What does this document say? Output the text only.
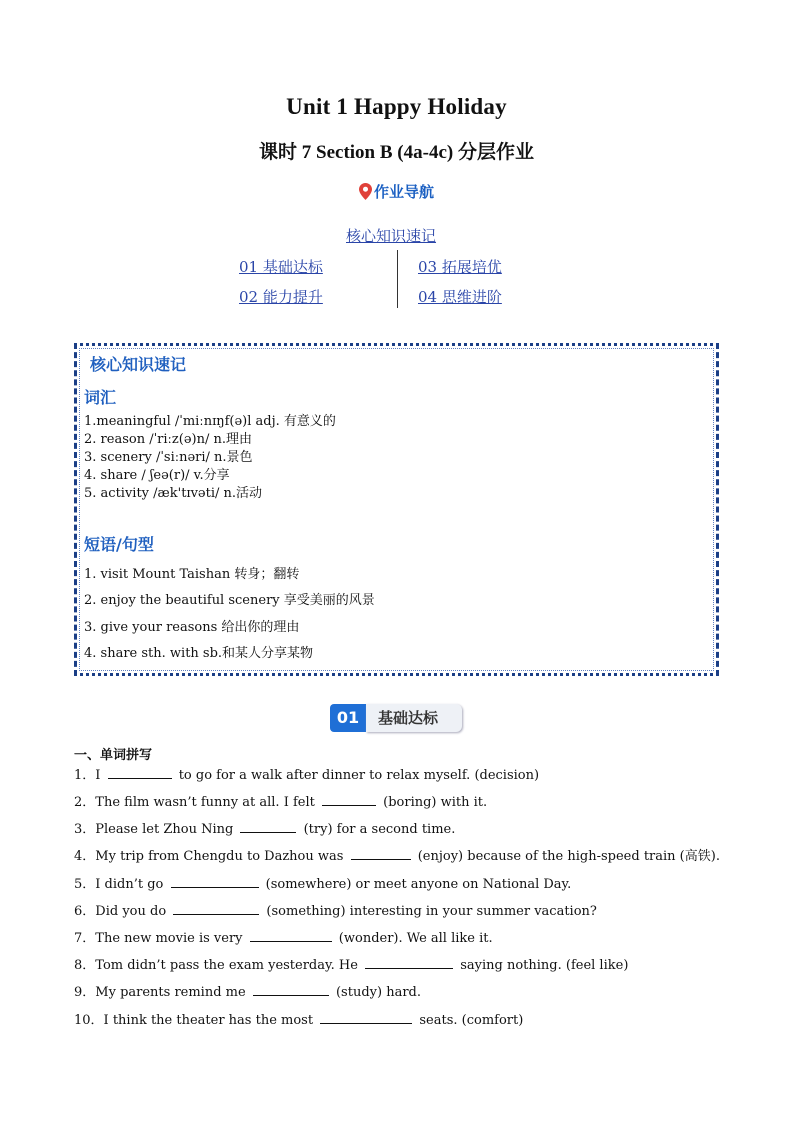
Unit 1 Happy Holiday
课时 7 Section B (4a-4c) 分层作业
作业导航
核心知识速记
01 基础达标	03 拓展培优
02 能力提升	04 思维进阶
核心知识速记
词汇
1.meaningful /ˈmiːnɪŋf(ə)l adj. 有意义的
2. reason /ˈriːz(ə)n/ n.理由
3. scenery /ˈsiːnəri/ n.景色
4. share / ʃeə(r)/ v.分享
5. activity /æk'tɪvəti/ n.活动
短语/句型
1. visit Mount Taishan 转身；翻转
2. enjoy the beautiful scenery 享受美丽的风景
3. give your reasons 给出你的理由
4. share sth. with sb.和某人分享某物
01	基础达标
一、单词拼写
1．I	to go for a walk after dinner to relax myself. (decision)
2．The film wasn’t funny at all. I felt	(boring) with it.
3．Please let Zhou Ning	(try) for a second time.
4．My trip from Chengdu to Dazhou was	(enjoy) because of the high-speed train (高铁).
5．I didn’t go	(somewhere) or meet anyone on National Day.
6．Did you do	(something) interesting in your summer vacation?
7．The new movie is very	(wonder). We all like it.
8．Tom didn’t pass the exam yesterday. He	saying nothing. (feel like)
9．My parents remind me	(study) hard.
10．I think the theater has the most	seats. (comfort)
